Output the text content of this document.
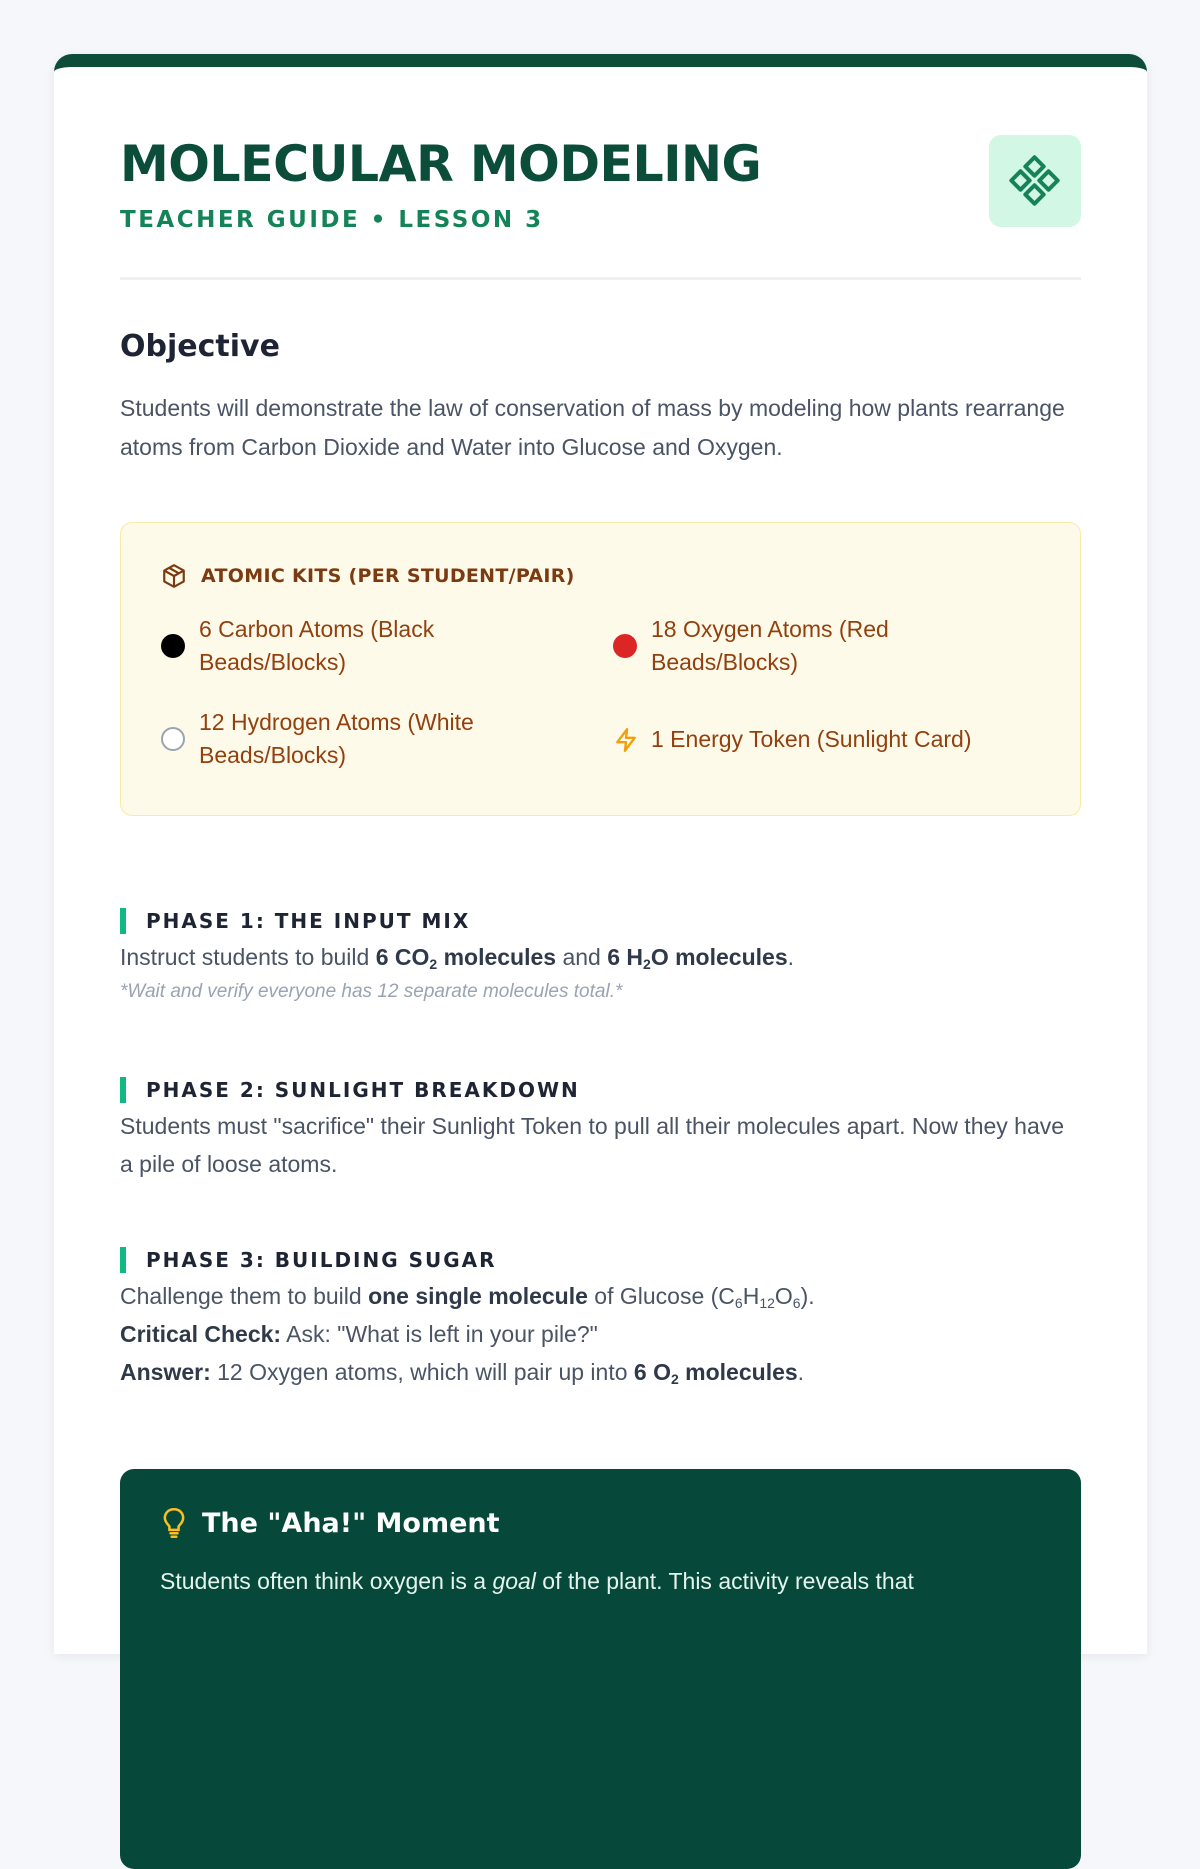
MOLECULAR MODELING
TEACHER GUIDE • LESSON 3
Objective

Students will demonstrate the law of conservation of mass by modeling how plants rearrange atoms from Carbon Dioxide and Water into Glucose and Oxygen.

ATOMIC KITS (PER STUDENT/PAIR)
6 Carbon Atoms (Black Beads/Blocks)
18 Oxygen Atoms (Red Beads/Blocks)
12 Hydrogen Atoms (White Beads/Blocks)
1 Energy Token (Sunlight Card)
PHASE 1: THE INPUT MIX

Instruct students to build 6 $CO_2$ molecules and 6 $H_2O$ molecules.

*Wait and verify everyone has 12 separate molecules total.*
PHASE 2: SUNLIGHT BREAKDOWN

Students must "sacrifice" their Sunlight Token to pull all their molecules apart. Now they have a pile of loose atoms.

PHASE 3: BUILDING SUGAR

Challenge them to build one single molecule of Glucose $(C_6H_{12}O_6)$.
Critical Check: Ask: "What is left in your pile?"
Answer: 12 Oxygen atoms, which will pair up into 6 $O_2$ molecules.

The "Aha!" Moment

Students often think oxygen is a goal of the plant. This activity reveals that
